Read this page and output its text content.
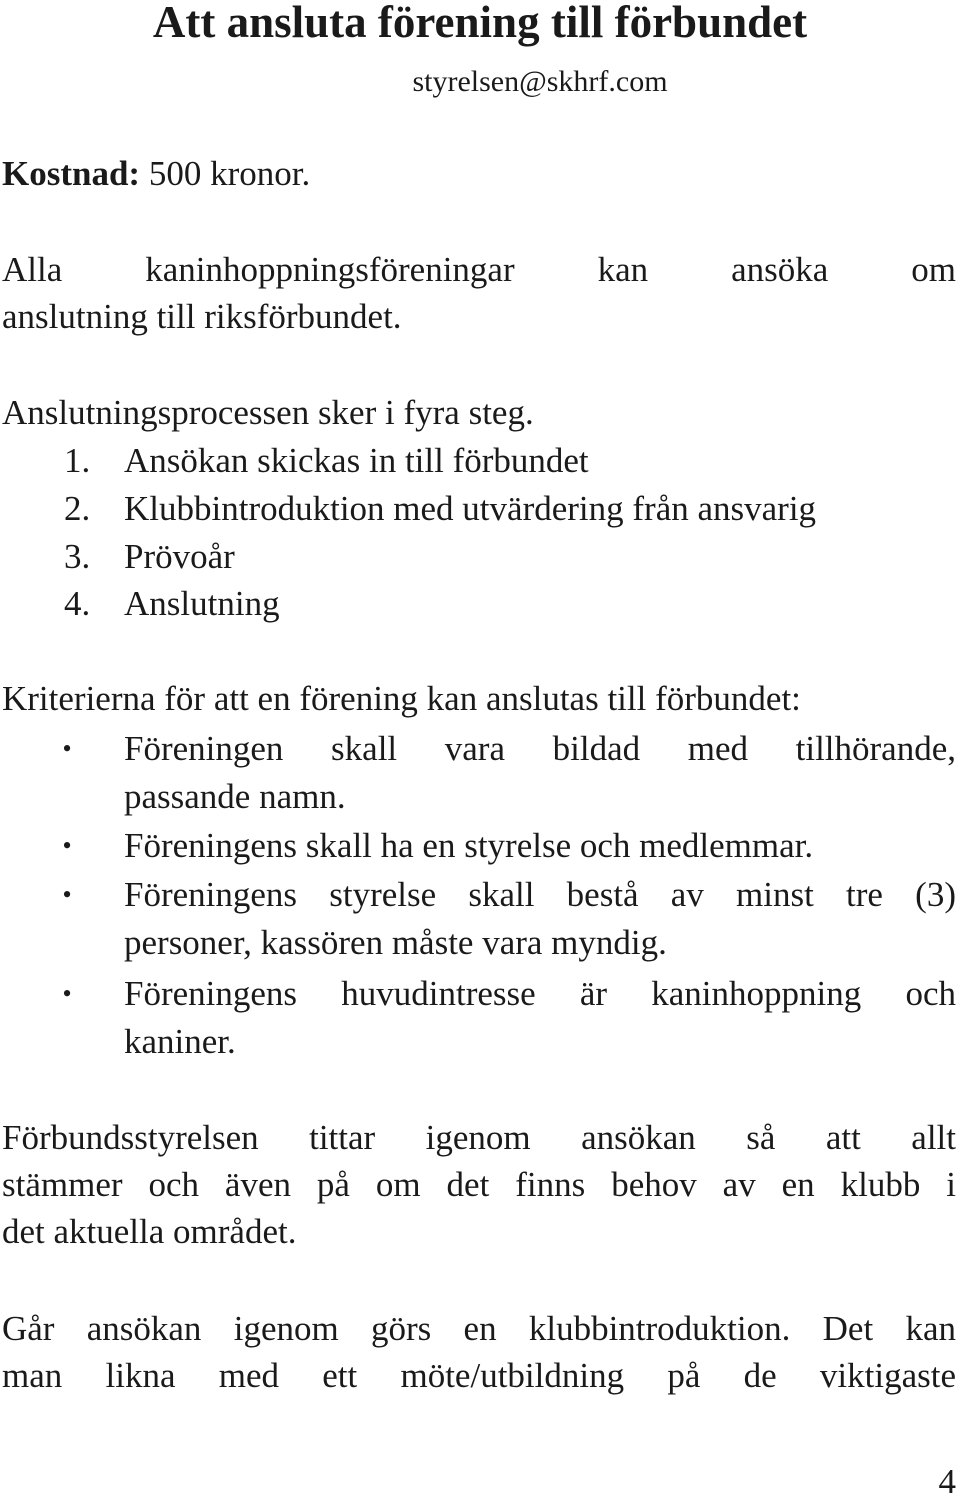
Att ansluta förening till förbundet
styrelsen@skhrf.com
Kostnad: 500 kronor.
Alla kaninhoppningsföreningar kan ansöka om
anslutning till riksförbundet.
Anslutningsprocessen sker i fyra steg.
1. Ansökan skickas in till förbundet
2. Klubbintroduktion med utvärdering från ansvarig
3. Prövoår
4. Anslutning
Kriterierna för att en förening kan anslutas till förbundet:
• Föreningen skall vara bildad med tillhörande,
passande namn.
• Föreningens skall ha en styrelse och medlemmar.
• Föreningens styrelse skall bestå av minst tre (3)
personer, kassören måste vara myndig.
• Föreningens huvudintresse är kaninhoppning och
kaniner.
Förbundsstyrelsen tittar igenom ansökan så att allt
stämmer och även på om det finns behov av en klubb i
det aktuella området.
Går ansökan igenom görs en klubbintroduktion. Det kan
man likna med ett möte/utbildning på de viktigaste
4
